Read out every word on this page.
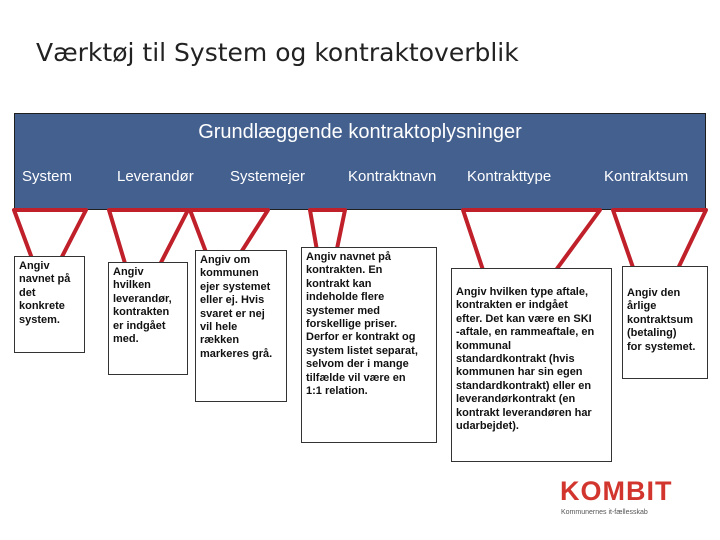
Værktøj til System og kontraktoverblik
Grundlæggende kontraktoplysninger
System	Leverandør Systemejer	Kontraktnavn Kontrakttype	Kontraktsum
Angiv
navnet på
det
konkrete
system.
Angiv
hvilken
leverandør,
kontrakten
er indgået
med.
Angiv om
kommunen
ejer systemet
eller ej. Hvis
svaret er nej
vil hele
rækken
markeres grå.
Angiv navnet på
kontrakten. En
kontrakt kan
indeholde flere
systemer med
forskellige priser.
Derfor er kontrakt og
system listet separat,
selvom der i mange
tilfælde vil være en
1:1 relation.
Angiv hvilken type aftale,
kontrakten er indgået
efter. Det kan være en SKI
-aftale, en rammeaftale, en
kommunal
standardkontrakt (hvis
kommunen har sin egen
standardkontrakt) eller en
leverandørkontrakt (en
kontrakt leverandøren har
udarbejdet).
Angiv den
årlige
kontraktsum
(betaling)
for systemet.
KOMBIT
Kommunernes it-fællesskab
